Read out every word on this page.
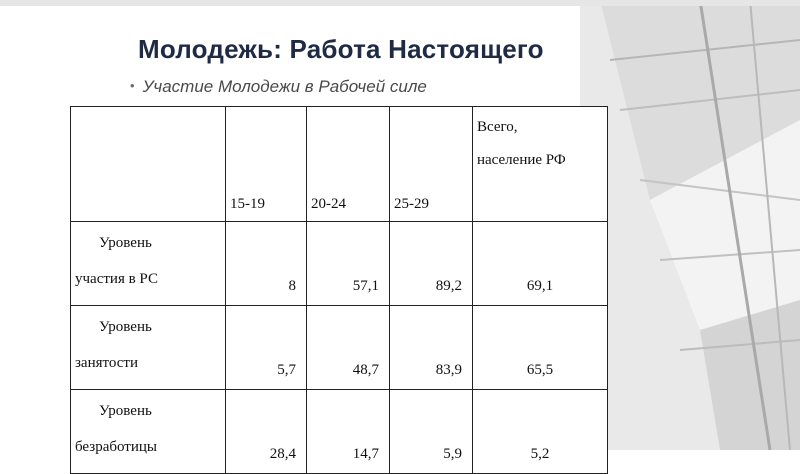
Молодежь: Работа Настоящего
• Участие Молодежи в Рабочей силе
	15-19	20-24	25-29	Всего,
население РФ

Уровень
участия в РС	8	57,1	89,2	69,1

Уровень
занятости	5,7	48,7	83,9	65,5

Уровень
безработицы	28,4	14,7	5,9	5,2
